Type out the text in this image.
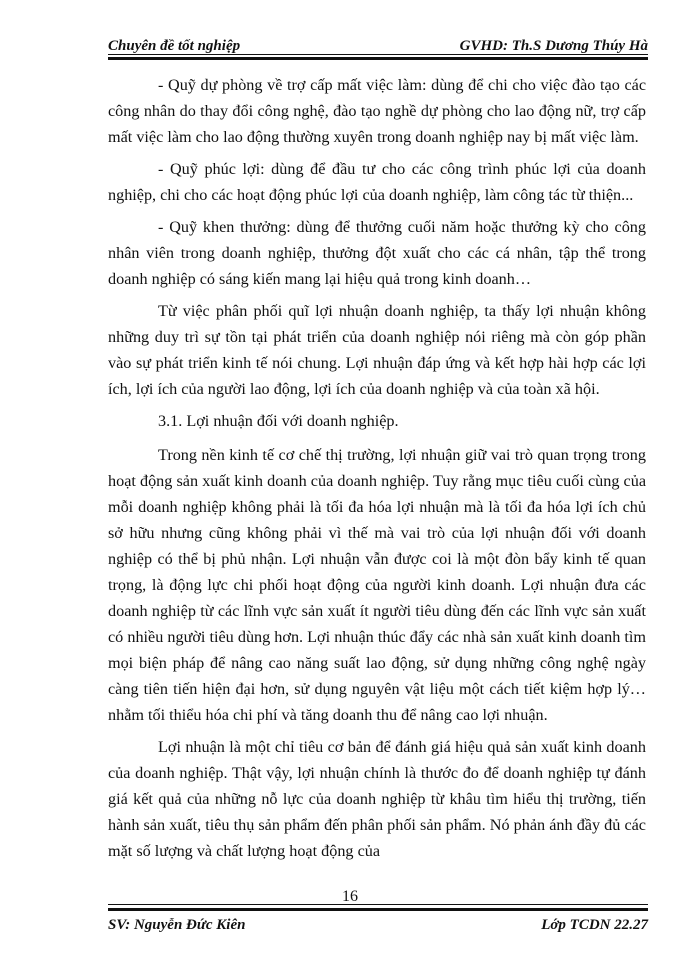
Chuyên đề tốt nghiệp	GVHD: Th.S Dương Thúy Hà

- Quỹ dự phòng về trợ cấp mất việc làm: dùng để chi cho việc đào tạo các công nhân do thay đổi công nghệ, đào tạo nghề dự phòng cho lao động nữ, trợ cấp mất việc làm cho lao động thường xuyên trong doanh nghiệp nay bị mất việc làm.

- Quỹ phúc lợi: dùng để đầu tư cho các công trình phúc lợi của doanh nghiệp, chi cho các hoạt động phúc lợi của doanh nghiệp, làm công tác từ thiện...

- Quỹ khen thưởng: dùng để thưởng cuối năm hoặc thưởng kỳ cho công nhân viên trong doanh nghiệp, thưởng đột xuất cho các cá nhân, tập thể trong doanh nghiệp có sáng kiến mang lại hiệu quả trong kinh doanh…

Từ việc phân phối quĩ lợi nhuận doanh nghiệp, ta thấy lợi nhuận không những duy trì sự tồn tại phát triển của doanh nghiệp nói riêng mà còn góp phần vào sự phát triển kinh tế nói chung. Lợi nhuận đáp ứng và kết hợp hài hợp các lợi ích, lợi ích của người lao động, lợi ích của doanh nghiệp và của toàn xã hội.

3.1. Lợi nhuận đối với doanh nghiệp.

Trong nền kinh tế cơ chế thị trường, lợi nhuận giữ vai trò quan trọng trong hoạt động sản xuất kinh doanh của doanh nghiệp. Tuy rằng mục tiêu cuối cùng của mỗi doanh nghiệp không phải là tối đa hóa lợi nhuận mà là tối đa hóa lợi ích chủ sở hữu nhưng cũng không phải vì thế mà vai trò của lợi nhuận đối với doanh nghiệp có thể bị phủ nhận. Lợi nhuận vẫn được coi là một đòn bẩy kinh tế quan trọng, là động lực chi phối hoạt động của người kinh doanh. Lợi nhuận đưa các doanh nghiệp từ các lĩnh vực sản xuất ít người tiêu dùng đến các lĩnh vực sản xuất có nhiều người tiêu dùng hơn. Lợi nhuận thúc đẩy các nhà sản xuất kinh doanh tìm mọi biện pháp để nâng cao năng suất lao động, sử dụng những công nghệ ngày càng tiên tiến hiện đại hơn, sử dụng nguyên vật liệu một cách tiết kiệm hợp lý…nhằm tối thiểu hóa chi phí và tăng doanh thu để nâng cao lợi nhuận.

Lợi nhuận là một chỉ tiêu cơ bản để đánh giá hiệu quả sản xuất kinh doanh của doanh nghiệp. Thật vậy, lợi nhuận chính là thước đo để doanh nghiệp tự đánh giá kết quả của những nỗ lực của doanh nghiệp từ khâu tìm hiểu thị trường, tiến hành sản xuất, tiêu thụ sản phẩm đến phân phối sản phẩm. Nó phản ánh đầy đủ các mặt số lượng và chất lượng hoạt động của

16
SV: Nguyễn Đức Kiên	Lớp TCDN 22.27
